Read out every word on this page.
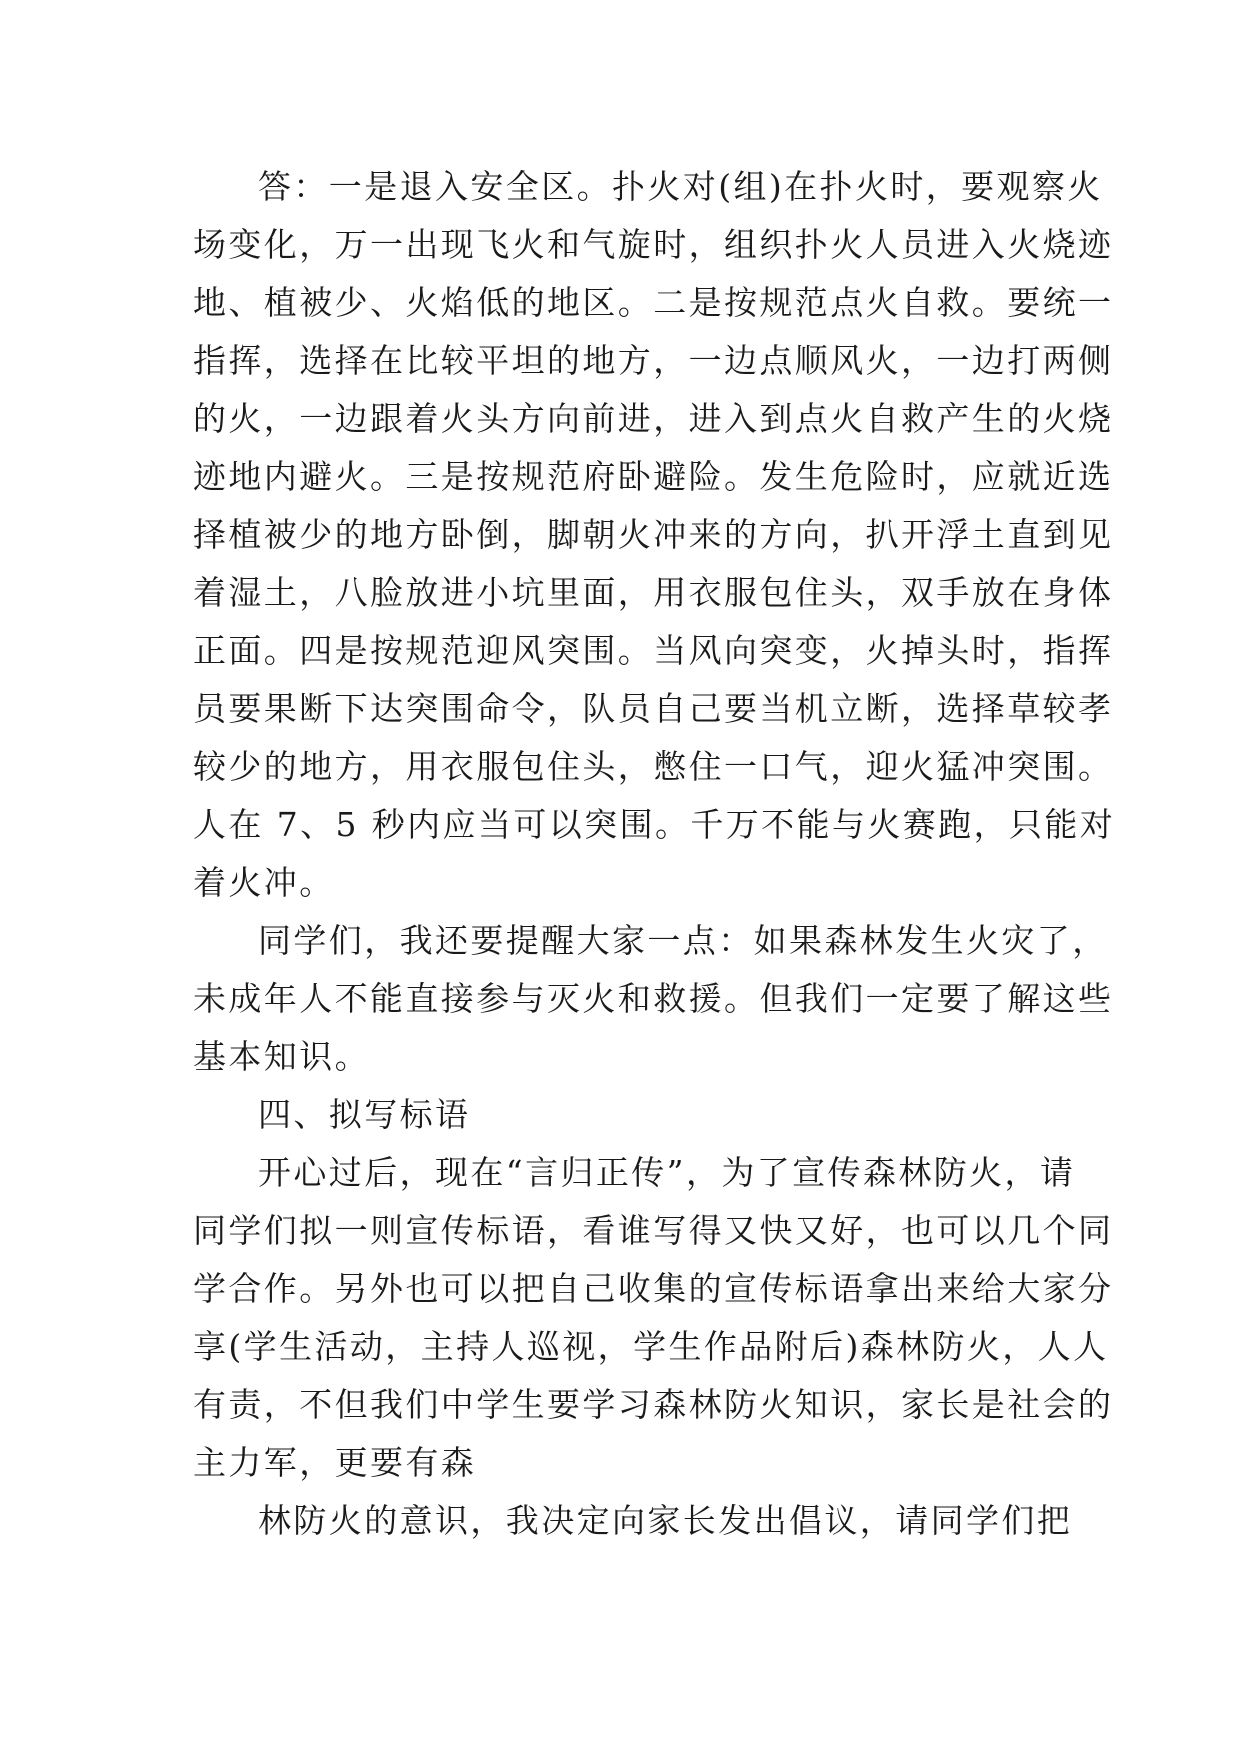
答：一是退入安全区。扑火对(组)在扑火时，要观察火
场变化，万一出现飞火和气旋时，组织扑火人员进入火烧迹
地、植被少、火焰低的地区。二是按规范点火自救。要统一
指挥，选择在比较平坦的地方，一边点顺风火，一边打两侧
的火，一边跟着火头方向前进，进入到点火自救产生的火烧
迹地内避火。三是按规范府卧避险。发生危险时，应就近选
择植被少的地方卧倒，脚朝火冲来的方向，扒开浮土直到见
着湿土，八脸放进小坑里面，用衣服包住头，双手放在身体
正面。四是按规范迎风突围。当风向突变，火掉头时，指挥
员要果断下达突围命令，队员自己要当机立断，选择草较孝
较少的地方，用衣服包住头，憋住一口气，迎火猛冲突围。
人在 7、5 秒内应当可以突围。千万不能与火赛跑，只能对
着火冲。
同学们，我还要提醒大家一点：如果森林发生火灾了，
未成年人不能直接参与灭火和救援。但我们一定要了解这些
基本知识。
四、拟写标语
开心过后，现在“言归正传”，为了宣传森林防火，请
同学们拟一则宣传标语，看谁写得又快又好，也可以几个同
学合作。另外也可以把自己收集的宣传标语拿出来给大家分
享(学生活动，主持人巡视，学生作品附后)森林防火，人人
有责，不但我们中学生要学习森林防火知识，家长是社会的
主力军，更要有森
林防火的意识，我决定向家长发出倡议，请同学们把
